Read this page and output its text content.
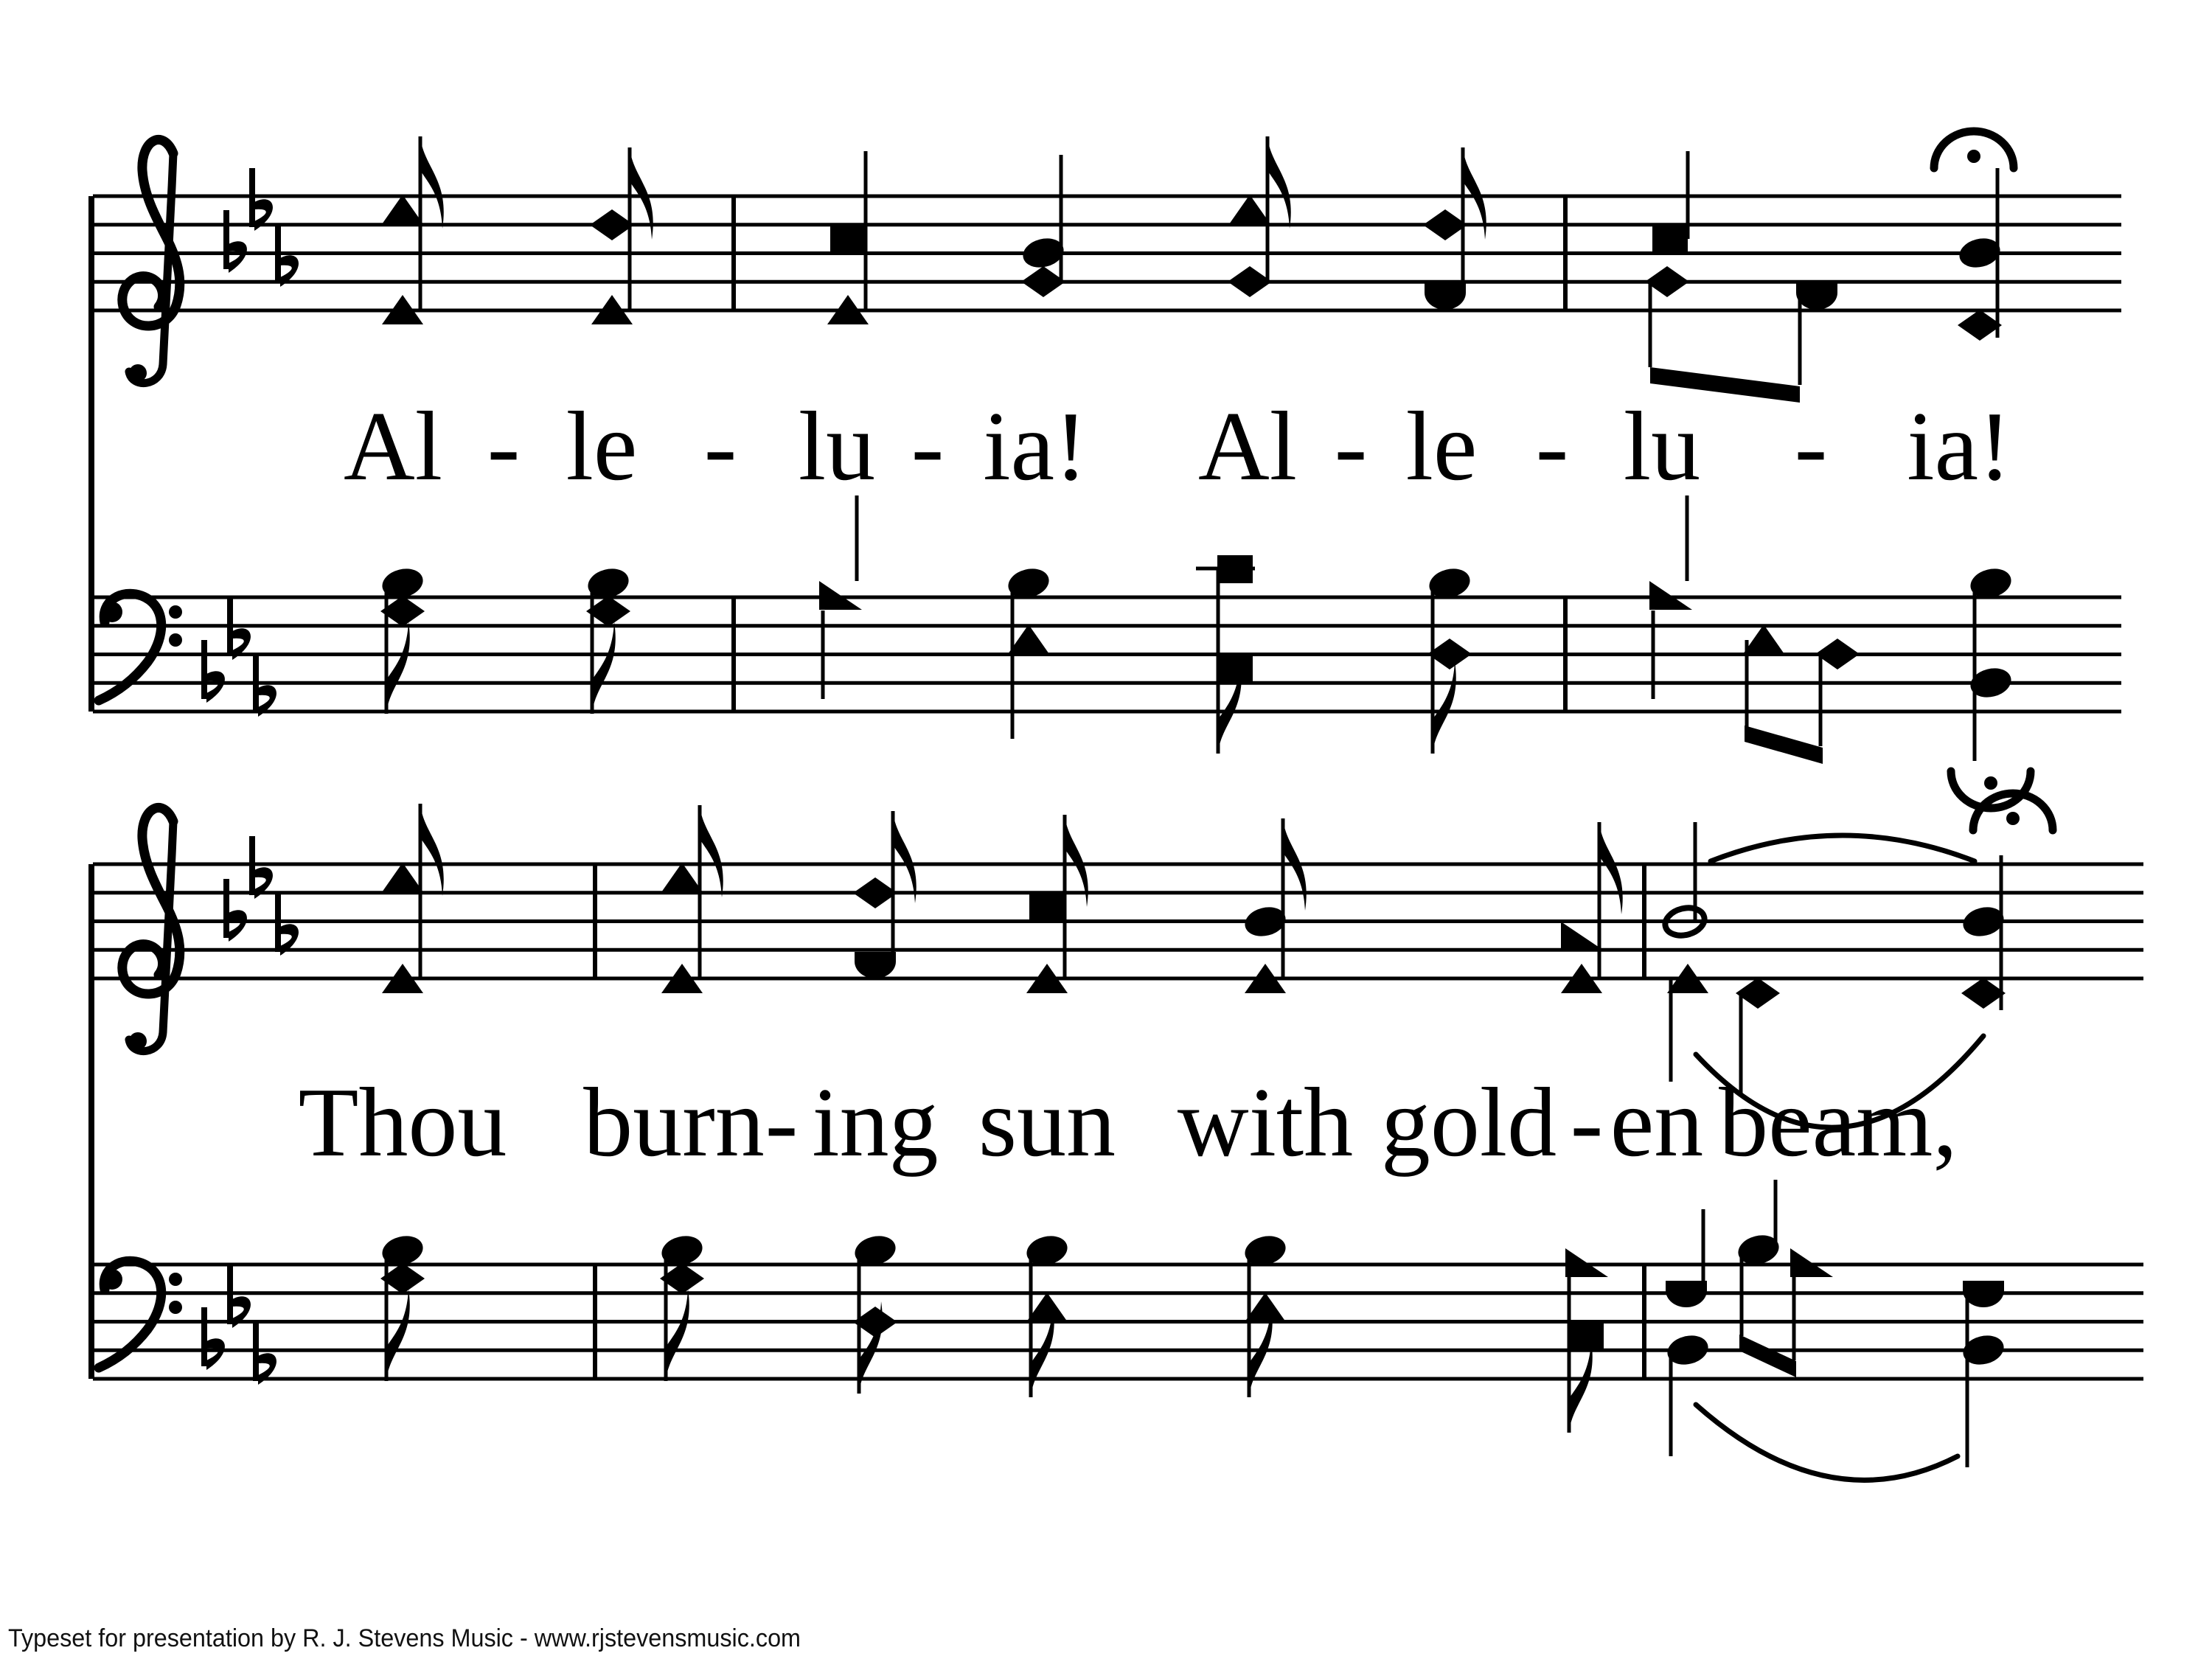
Al - le - lu - ia! Al - le - lu - ia!
Thou burn - ing sun with gold - en beam,
Typeset for presentation by R. J. Stevens Music - www.rjstevensmusic.com
